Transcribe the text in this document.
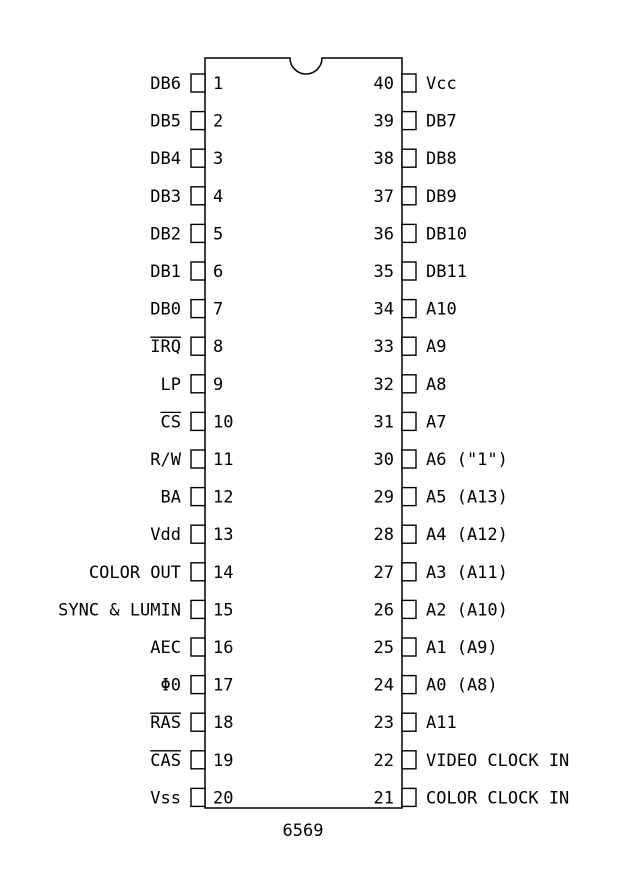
1
DB6
2
DB5
3
DB4
4
DB3
5
DB2
6
DB1
7
DB0
8
IRQ
9
LP
10
CS
11
R/W
12
BA
13
Vdd
14
COLOR OUT
15
SYNC & LUMIN
16
AEC
17
Φ0
18
RAS
19
CAS
20
Vss
40 Vcc
39 DB7
38 DB8
37 DB9
36 DB10
35 DB11
34 A10
33 A9
32 A8
31 A7
30 A6 ("1")
29 A5 (A13)
28 A4 (A12)
27 A3 (A11)
26 A2 (A10)
25 A1 (A9)
24 A0 (A8)
23 A11
22 VIDEO CLOCK IN
21 COLOR CLOCK IN
6569
